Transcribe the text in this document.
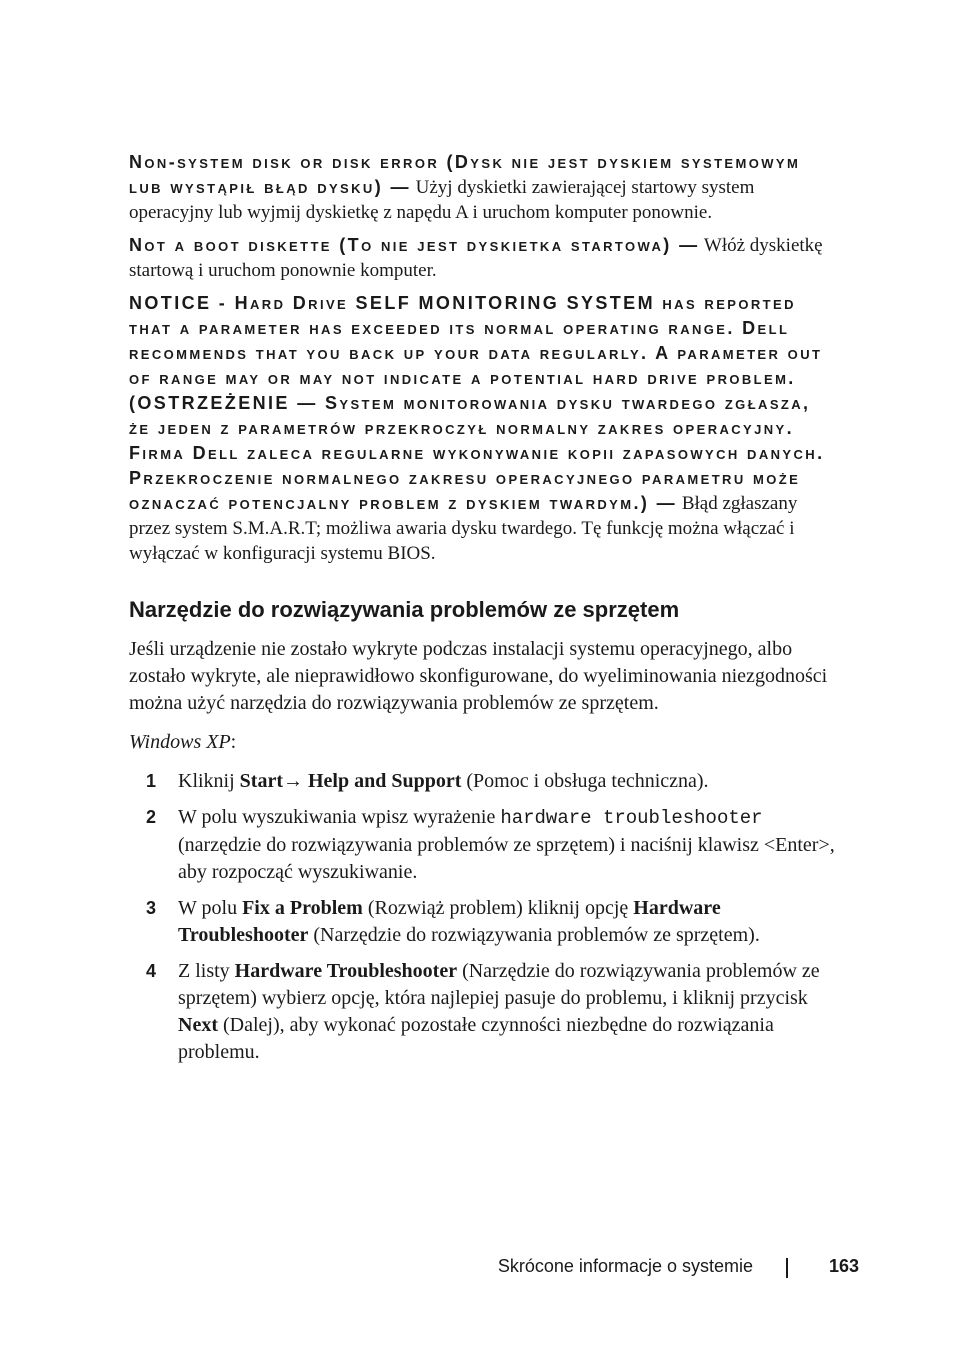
Non-system disk or disk error (Dysk nie jest dyskiem systemowym lub wystąpił błąd dysku) — Użyj dyskietki zawierającej startowy system operacyjny lub wyjmij dyskietkę z napędu A i uruchom komputer ponownie.

Not a boot diskette (To nie jest dyskietka startowa) — Włóż dyskietkę startową i uruchom ponownie komputer.

NOTICE - Hard Drive SELF MONITORING SYSTEM has reported that a parameter has exceeded its normal operating range. Dell recommends that you back up your data regularly. A parameter out of range may or may not indicate a potential hard drive problem. (OSTRZEŻENIE — System monitorowania dysku twardego zgłasza, że jeden z parametrów przekroczył normalny zakres operacyjny. Firma Dell zaleca regularne wykonywanie kopii zapasowych danych. Przekroczenie normalnego zakresu operacyjnego parametru może oznaczać potencjalny problem z dyskiem twardym.) — Błąd zgłaszany przez system S.M.A.R.T; możliwa awaria dysku twardego. Tę funkcję można włączać i wyłączać w konfiguracji systemu BIOS.

Narzędzie do rozwiązywania problemów ze sprzętem

Jeśli urządzenie nie zostało wykryte podczas instalacji systemu operacyjnego, albo zostało wykryte, ale nieprawidłowo skonfigurowane, do wyeliminowania niezgodności można użyć narzędzia do rozwiązywania problemów ze sprzętem.

Windows XP:

1 Kliknij Start→ Help and Support (Pomoc i obsługa techniczna).
2 W polu wyszukiwania wpisz wyrażenie hardware troubleshooter (narzędzie do rozwiązywania problemów ze sprzętem) i naciśnij klawisz <Enter>, aby rozpocząć wyszukiwanie.
3 W polu Fix a Problem (Rozwiąż problem) kliknij opcję Hardware Troubleshooter (Narzędzie do rozwiązywania problemów ze sprzętem).
4 Z listy Hardware Troubleshooter (Narzędzie do rozwiązywania problemów ze sprzętem) wybierz opcję, która najlepiej pasuje do problemu, i kliknij przycisk Next (Dalej), aby wykonać pozostałe czynności niezbędne do rozwiązania problemu.
Skrócone informacje o systemie	163
